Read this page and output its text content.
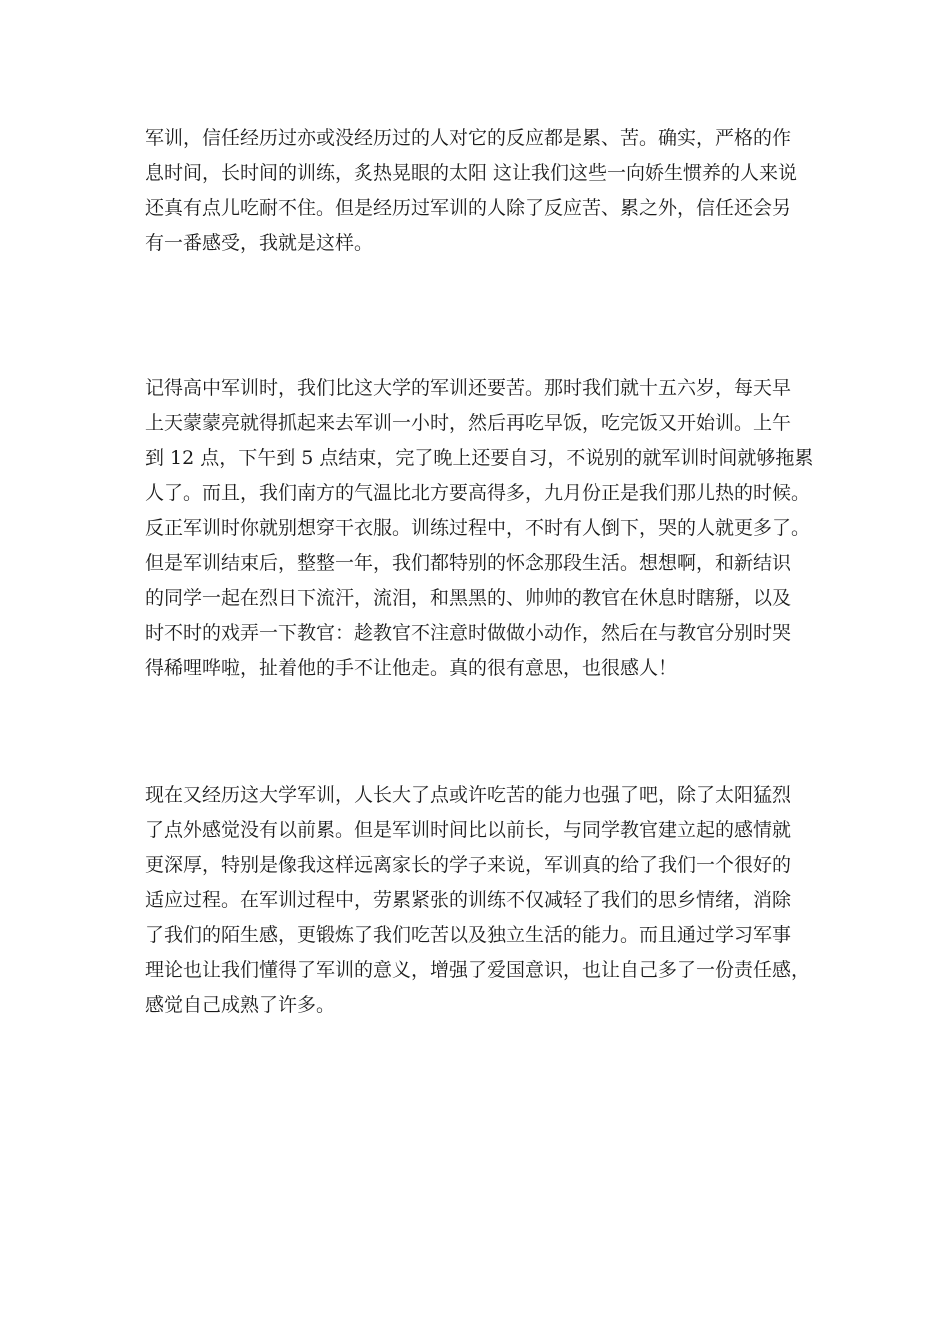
军训，信任经历过亦或没经历过的人对它的反应都是累、苦。确实，严格的作
息时间，长时间的训练，炙热晃眼的太阳 这让我们这些一向娇生惯养的人来说
还真有点儿吃耐不住。但是经历过军训的人除了反应苦、累之外，信任还会另
有一番感受，我就是这样。
记得高中军训时，我们比这大学的军训还要苦。那时我们就十五六岁，每天早
上天蒙蒙亮就得抓起来去军训一小时，然后再吃早饭，吃完饭又开始训。上午
到 12 点，下午到 5 点结束，完了晚上还要自习，不说别的就军训时间就够拖累
人了。而且，我们南方的气温比北方要高得多，九月份正是我们那儿热的时候。
反正军训时你就别想穿干衣服。训练过程中，不时有人倒下，哭的人就更多了。
但是军训结束后，整整一年，我们都特别的怀念那段生活。想想啊，和新结识
的同学一起在烈日下流汗，流泪，和黑黑的、帅帅的教官在休息时瞎掰，以及
时不时的戏弄一下教官：趁教官不注意时做做小动作，然后在与教官分别时哭
得稀哩哗啦，扯着他的手不让他走。真的很有意思，也很感人！
现在又经历这大学军训，人长大了点或许吃苦的能力也强了吧，除了太阳猛烈
了点外感觉没有以前累。但是军训时间比以前长，与同学教官建立起的感情就
更深厚，特别是像我这样远离家长的学子来说，军训真的给了我们一个很好的
适应过程。在军训过程中，劳累紧张的训练不仅减轻了我们的思乡情绪，消除
了我们的陌生感，更锻炼了我们吃苦以及独立生活的能力。而且通过学习军事
理论也让我们懂得了军训的意义，增强了爱国意识，也让自己多了一份责任感，
感觉自己成熟了许多。
